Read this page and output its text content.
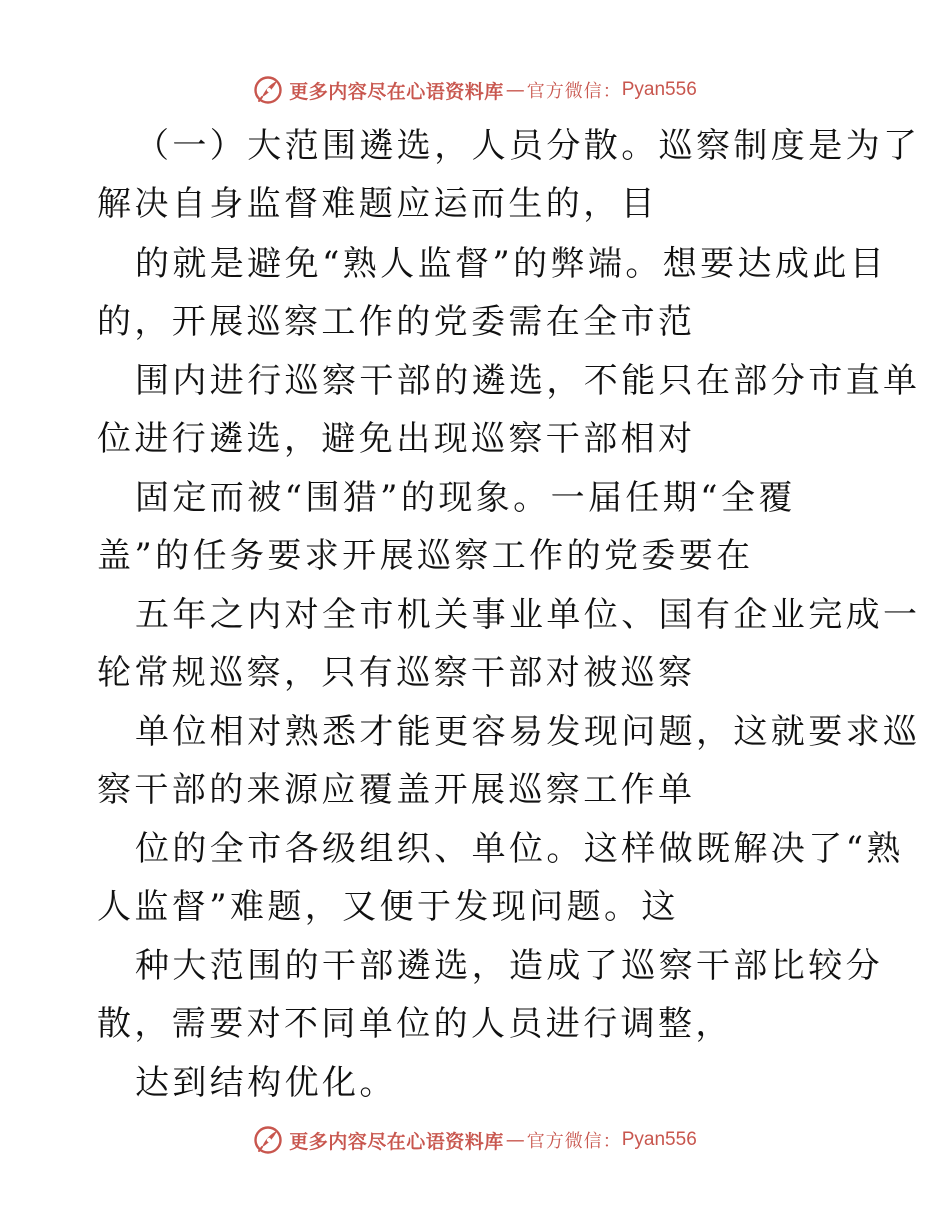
更多内容尽在心语资料库 — 官方微信： Pyan556
（一）大范围遴选，人员分散。巡察制度是为了
解决自身监督难题应运而生的，目
的就是避免“熟人监督”的弊端。想要达成此目
的，开展巡察工作的党委需在全市范
围内进行巡察干部的遴选，不能只在部分市直单
位进行遴选，避免出现巡察干部相对
固定而被“围猎”的现象。一届任期“全覆
盖”的任务要求开展巡察工作的党委要在
五年之内对全市机关事业单位、国有企业完成一
轮常规巡察，只有巡察干部对被巡察
单位相对熟悉才能更容易发现问题，这就要求巡
察干部的来源应覆盖开展巡察工作单
位的全市各级组织、单位。这样做既解决了“熟
人监督”难题，又便于发现问题。这
种大范围的干部遴选，造成了巡察干部比较分
散，需要对不同单位的人员进行调整，
达到结构优化。
更多内容尽在心语资料库 — 官方微信： Pyan556
